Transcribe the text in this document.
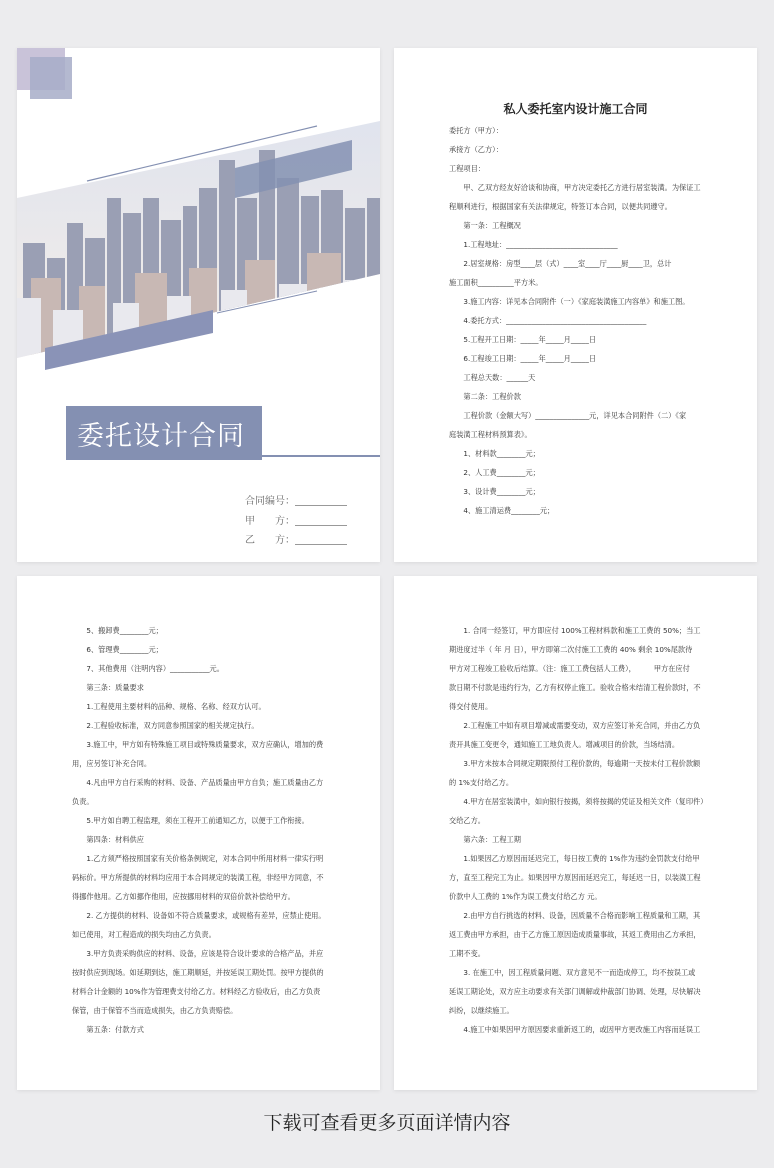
委托设计合同
合同编号：
甲　　方：
乙　　方：
私人委托室内设计施工合同
委托方（甲方）：
承接方（乙方）：
工程项目：
　　甲、乙双方经友好洽谈和协商，甲方决定委托乙方进行居室装潢。为保证工
程顺利进行，根据国家有关法律规定，特签订本合同，以便共同遵守。
　　第一条：工程概况
　　1.工程地址：_______________________________
　　2.居室规格：房型____层（式）____室____厅____厨____卫，总计
施工面积__________平方米。
　　3.施工内容：详见本合同附件（一）《家庭装潢施工内容单》和施工图。
　　4.委托方式：_______________________________________
　　5.工程开工日期：_____年_____月_____日
　　6.工程竣工日期：_____年_____月_____日
　　工程总天数：______天
　　第二条：工程价款
　　工程价款（金额大写）_______________元，详见本合同附件（二）《家
庭装潢工程材料预算表》。
　　1、材料款________元；
　　2、人工费________元；
　　3、设计费________元；
　　4、施工清运费________元；
　　5、搬卸费________元；
　　6、管理费________元；
　　7、其他费用（注明内容）___________元。
　　第三条：质量要求
　　1.工程使用主要材料的品种、规格、名称、经双方认可。
　　2.工程验收标准，双方同意参照国家的相关规定执行。
　　3.施工中，甲方如有特殊施工项目或特殊质量要求，双方应确认，增加的费
用，应另签订补充合同。
　　4.凡由甲方自行采购的材料、设备、产品质量由甲方自负；施工质量由乙方
负责。
　　5.甲方如自聘工程监理，须在工程开工前通知乙方，以便于工作衔接。
　　第四条：材料供应
　　1.乙方须严格按照国家有关价格条例规定，对本合同中所用材料一律实行明
码标价。甲方所提供的材料均应用于本合同规定的装潢工程，非经甲方同意，不
得挪作他用。乙方如挪作他用，应按挪用材料的双倍价款补偿给甲方。
　　2. 乙方提供的材料、设备如不符合质量要求，或规格有差异，应禁止使用。
如已使用，对工程造成的损失均由乙方负责。
　　3.甲方负责采购供应的材料、设备，应该是符合设计要求的合格产品，并应
按时供应到现场。如延期到达，施工期顺延，并按延误工期处罚。按甲方提供的
材料合计金额的 10%作为管理费支付给乙方。材料经乙方验收后，由乙方负责
保管，由于保管不当而造成损失，由乙方负责赔偿。
　　第五条：付款方式
　　1. 合同一经签订，甲方即应付 100%工程材料款和施工工费的 50%；当工
期进度过半（ 年 月 日），甲方即第二次付施工工费的 40% 剩余 10%尾款待
甲方对工程竣工验收后结算。（注：施工工费包括人工费），　　　甲方在应付
款日期不付款是违约行为，乙方有权停止施工。验收合格未结清工程价款时，不
得交付使用。
　　2.工程施工中如有项目增减或需要变动，双方应签订补充合同，并由乙方负
责开具施工变更令，通知施工工地负责人。增减项目的价款，当场结清。
　　3.甲方未按本合同规定期限预付工程价款的，每逾期一天按未付工程价款额
的 1%支付给乙方。
　　4.甲方在居室装潢中，如向银行按揭，须将按揭的凭证及相关文件（复印件）
交给乙方。
　　第六条：工程工期
　　1.如果因乙方原因而延迟完工，每日按工费的 1%作为违约金罚款支付给甲
方，直至工程完工为止。如果因甲方原因而延迟完工，每延迟一日，以装潢工程
价款中人工费的 1%作为误工费支付给乙方 元。
　　2.由甲方自行挑选的材料、设备，因质量不合格而影响工程质量和工期，其
返工费由甲方承担，由于乙方施工原因造成质量事故，其返工费用由乙方承担，
工期不变。
　　3. 在施工中，因工程质量问题、双方意见不一而造成停工，均不按误工或
延误工期论处，双方应主动要求有关部门调解或仲裁部门协调、处理，尽快解决
纠纷，以继续施工。
　　4.施工中如果因甲方原因要求重新返工的，或因甲方更改施工内容而延误工
下载可查看更多页面详情内容
